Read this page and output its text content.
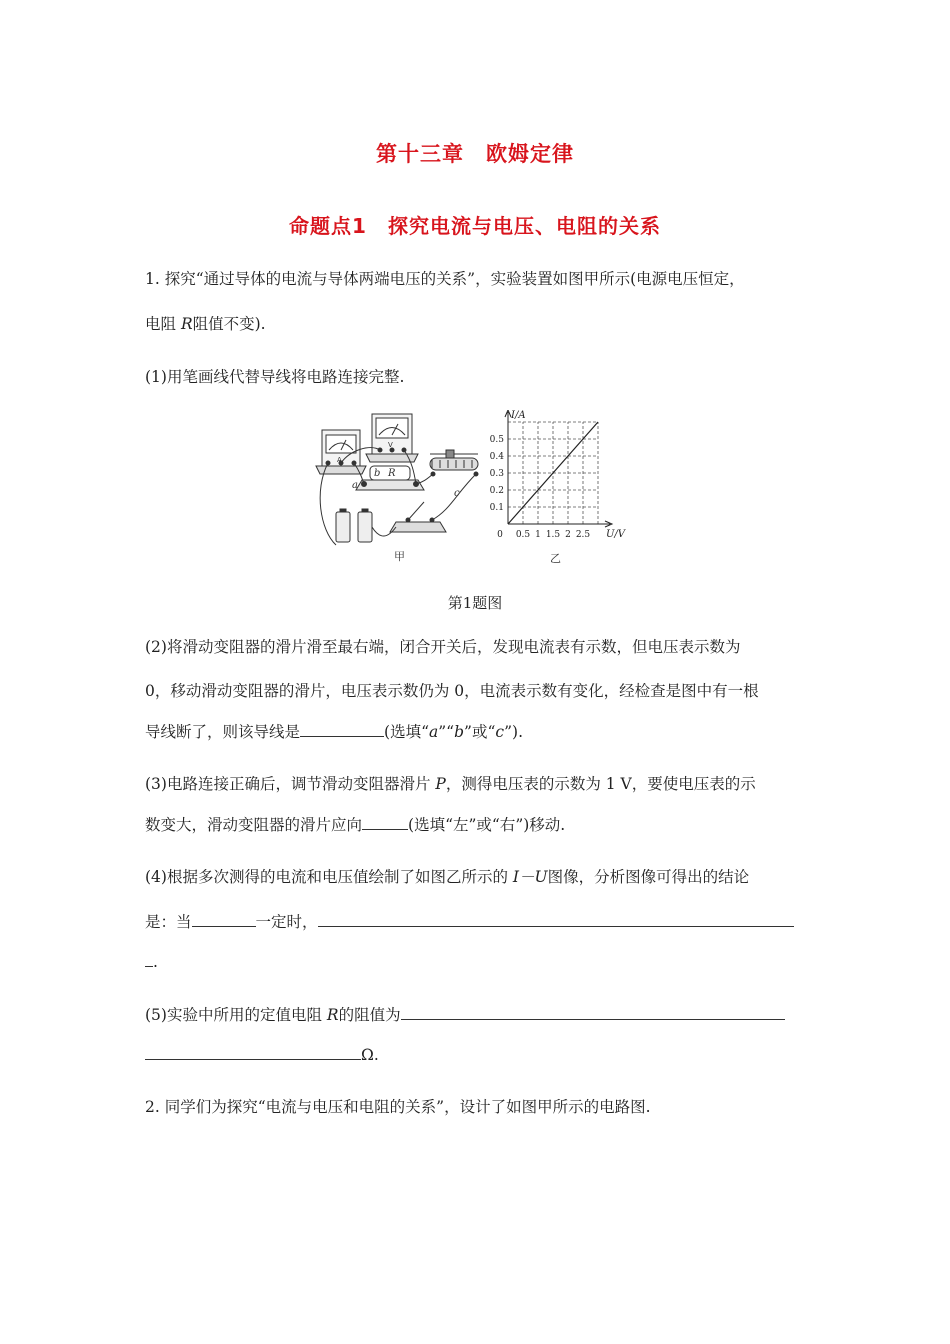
第十三章　欧姆定律
命题点1　探究电流与电压、电阻的关系
1. 探究“通过导体的电流与导体两端电压的关系”，实验装置如图甲所示(电源电压恒定，
电阻 R阻值不变).
(1)用笔画线代替导线将电路连接完整.
A
V
a
b R
c
甲
0.5 1 1.5 2 2.5
0.1
0.2
0.3
0.4
0.5
0
I/A
U/V
乙
第1题图
(2)将滑动变阻器的滑片滑至最右端，闭合开关后，发现电流表有示数，但电压表示数为
0，移动滑动变阻器的滑片，电压表示数仍为 0，电流表示数有变化，经检查是图中有一根
导线断了，则该导线是	(选填“a”“b”或“c”).
(3)电路连接正确后，调节滑动变阻器滑片 P，测得电压表的示数为 1 V，要使电压表的示
数变大，滑动变阻器的滑片应向	(选填“左”或“右”)移动.
(4)根据多次测得的电流和电压值绘制了如图乙所示的 I－U图像，分析图像可得出的结论
是：当	一定时，
.
(5)实验中所用的定值电阻 R的阻值为
Ω.
2. 同学们为探究“电流与电压和电阻的关系”，设计了如图甲所示的电路图.
